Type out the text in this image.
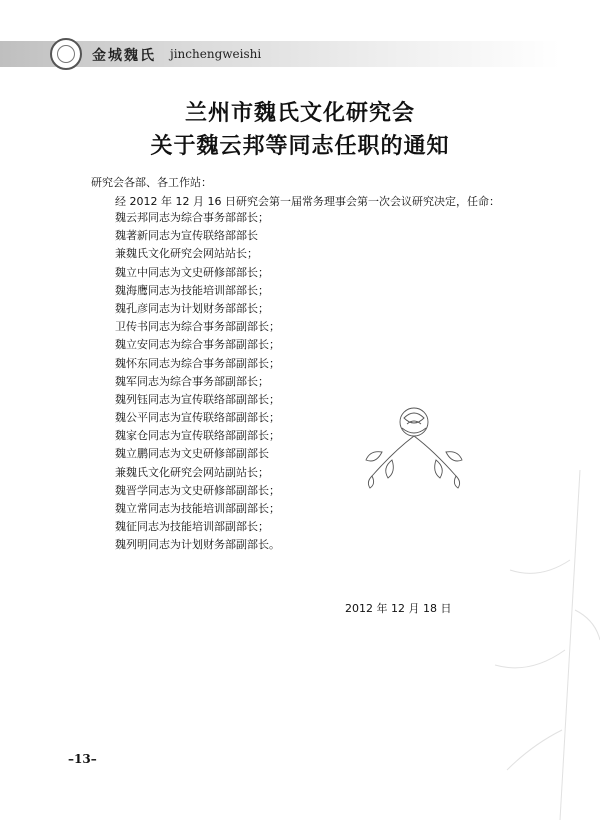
金城魏氏 jinchengweishi
兰州市魏氏文化研究会
关于魏云邦等同志任职的通知
研究会各部、各工作站：
经 2012 年 12 月 16 日研究会第一届常务理事会第一次会议研究决定，任命：
魏云邦同志为综合事务部部长；
魏著新同志为宣传联络部部长
兼魏氏文化研究会网站站长；
魏立中同志为文史研修部部长；
魏海鹰同志为技能培训部部长；
魏孔彦同志为计划财务部部长；
卫传书同志为综合事务部副部长；
魏立安同志为综合事务部副部长；
魏怀东同志为综合事务部副部长；
魏军同志为综合事务部副部长；
魏列钰同志为宣传联络部副部长；
魏公平同志为宣传联络部副部长；
魏家仓同志为宣传联络部副部长；
魏立鹏同志为文史研修部副部长
兼魏氏文化研究会网站副站长；
魏晋学同志为文史研修部副部长；
魏立常同志为技能培训部副部长；
魏征同志为技能培训部副部长；
魏列明同志为计划财务部副部长。
2012 年 12 月 18 日
–13–
